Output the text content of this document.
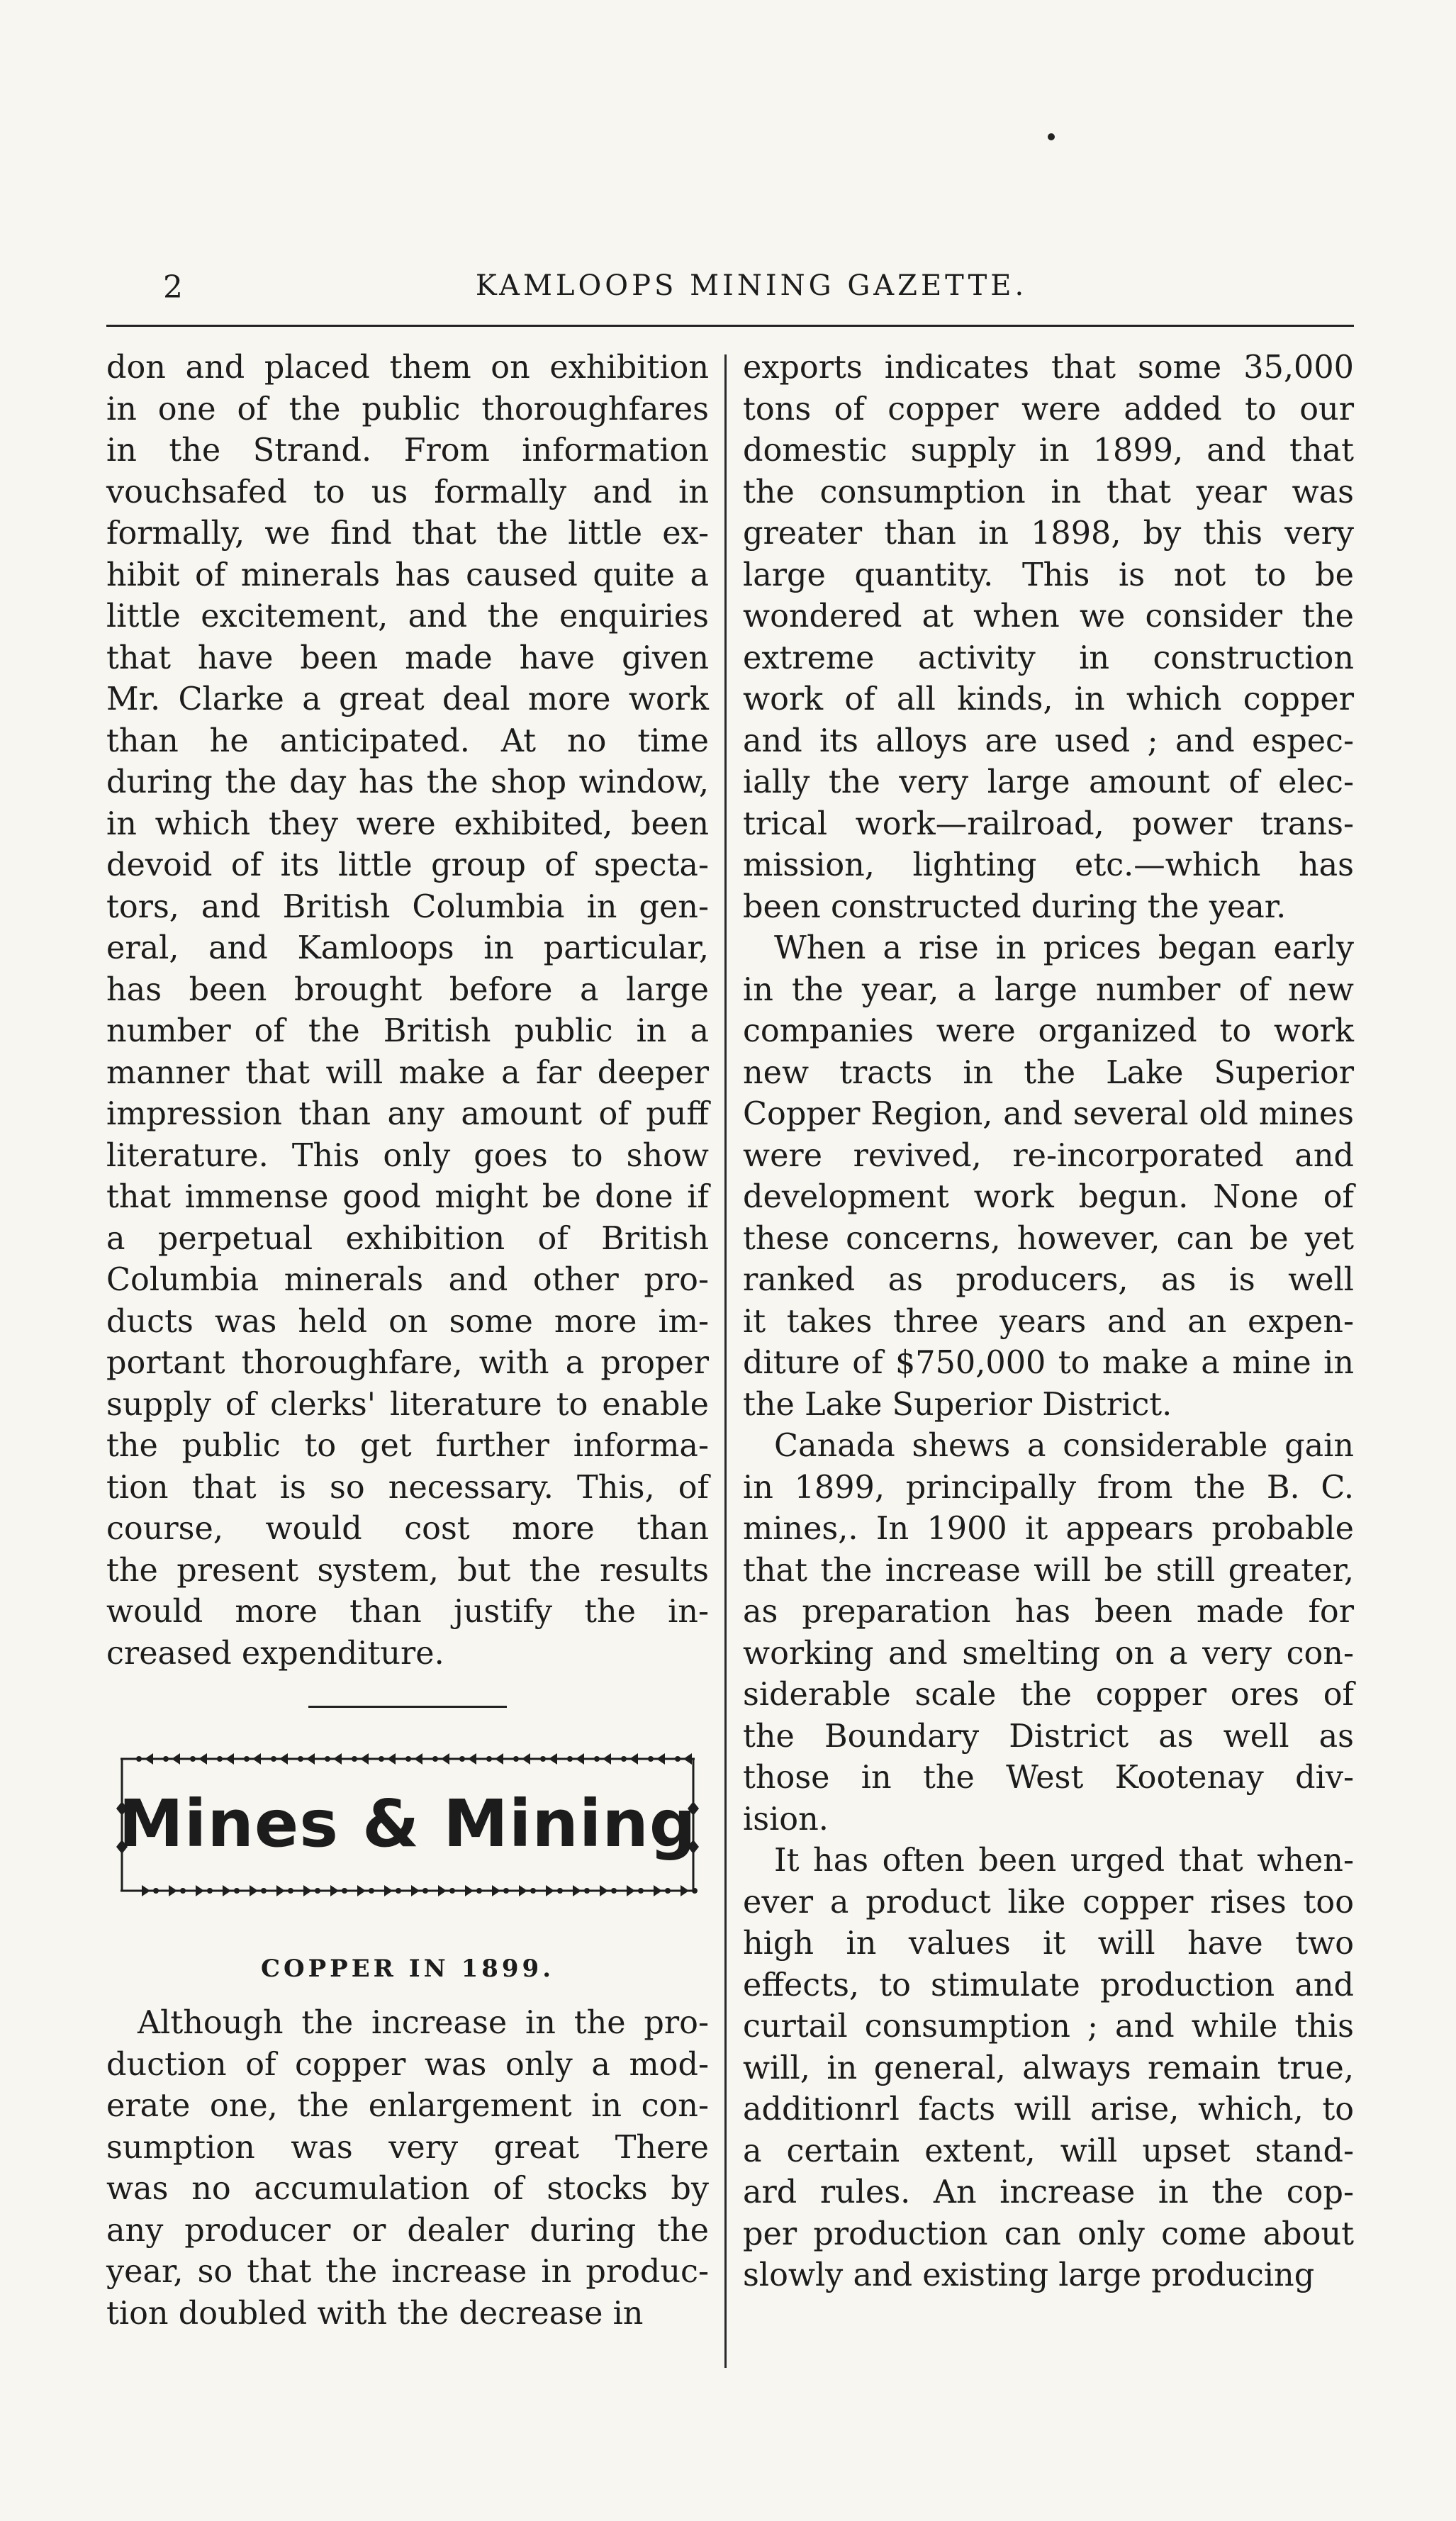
2	KAMLOOPS MINING GAZETTE.
don and placed them on exhibition
in one of the public thoroughfares
in the Strand. From information
vouchsafed to us formally and in
formally, we find that the little ex-
hibit of minerals has caused quite a
little excitement, and the enquiries
that have been made have given
Mr. Clarke a great deal more work
than he anticipated. At no time
during the day has the shop window,
in which they were exhibited, been
devoid of its little group of specta-
tors, and British Columbia in gen-
eral, and Kamloops in particular,
has been brought before a large
number of the British public in a
manner that will make a far deeper
impression than any amount of puff
literature. This only goes to show
that immense good might be done if
a perpetual exhibition of British
Columbia minerals and other pro-
ducts was held on some more im-
portant thoroughfare, with a proper
supply of clerks' literature to enable
the public to get further informa-
tion that is so necessary. This, of
course, would cost more than
the present system, but the results
would more than justify the in-
creased expenditure.
Mines & Mining
COPPER IN 1899.
Although the increase in the pro-
duction of copper was only a mod-
erate one, the enlargement in con-
sumption was very great There
was no accumulation of stocks by
any producer or dealer during the
year, so that the increase in produc-
tion doubled with the decrease in
exports indicates that some 35,000
tons of copper were added to our
domestic supply in 1899, and that
the consumption in that year was
greater than in 1898, by this very
large quantity. This is not to be
wondered at when we consider the
extreme activity in construction
work of all kinds, in which copper
and its alloys are used ; and espec-
ially the very large amount of elec-
trical work—railroad, power trans-
mission, lighting etc.—which has
been constructed during the year.
When a rise in prices began early
in the year, a large number of new
companies were organized to work
new tracts in the Lake Superior
Copper Region, and several old mines
were revived, re-incorporated and
development work begun. None of
these concerns, however, can be yet
ranked as producers, as is well
it takes three years and an expen-
diture of $750,000 to make a mine in
the Lake Superior District.
Canada shews a considerable gain
in 1899, principally from the B. C.
mines,. In 1900 it appears probable
that the increase will be still greater,
as preparation has been made for
working and smelting on a very con-
siderable scale the copper ores of
the Boundary District as well as
those in the West Kootenay div-
ision.
It has often been urged that when-
ever a product like copper rises too
high in values it will have two
effects, to stimulate production and
curtail consumption ; and while this
will, in general, always remain true,
additionrl facts will arise, which, to
a certain extent, will upset stand-
ard rules. An increase in the cop-
per production can only come about
slowly and existing large producing
